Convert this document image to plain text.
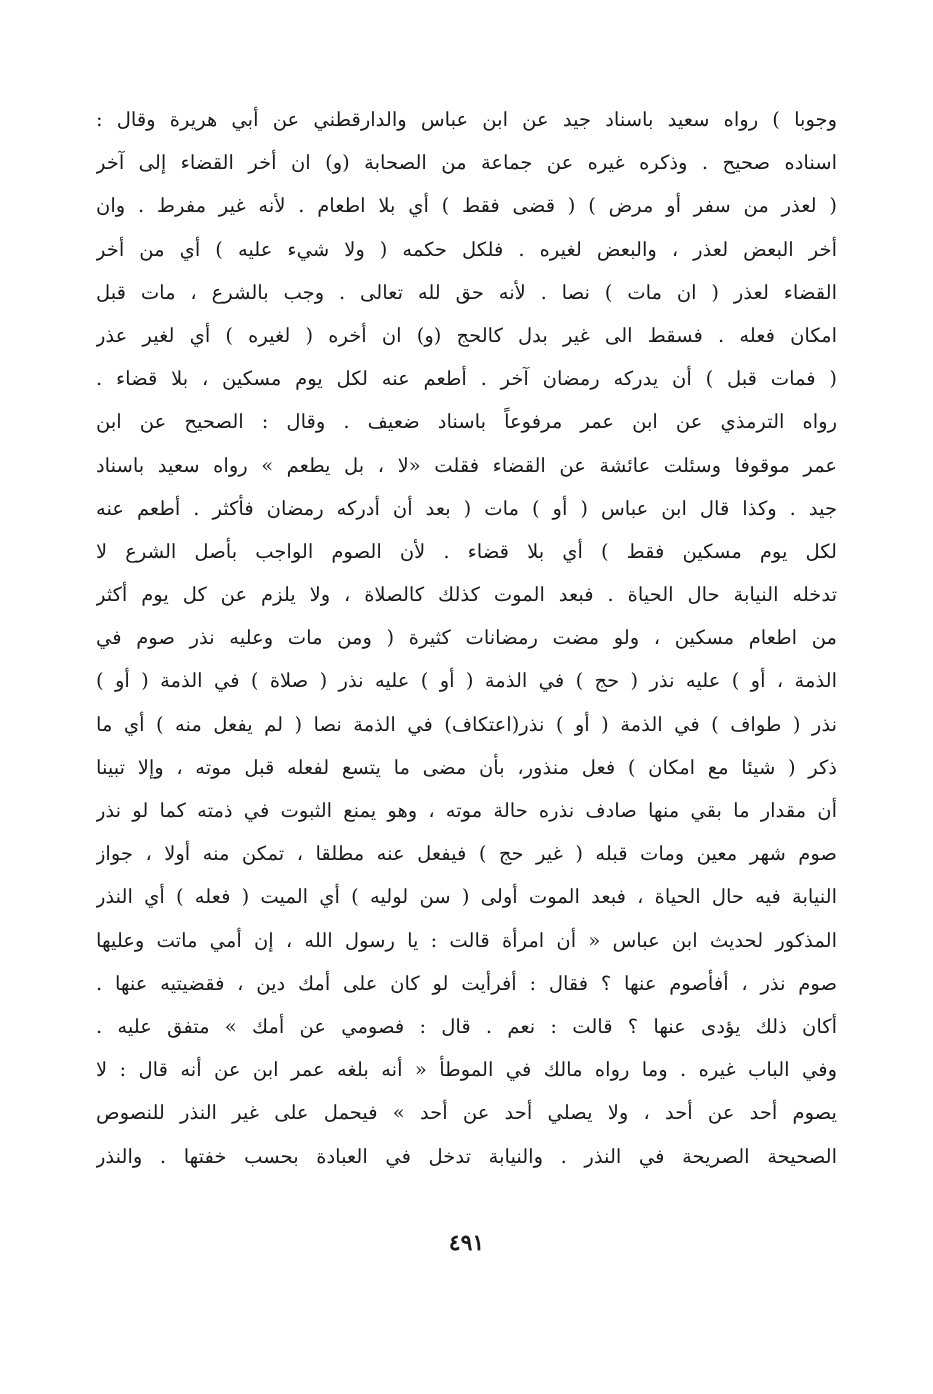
وجوبا ) رواه سعيد باسناد جيد عن ابن عباس والدارقطني عن أبي هريرة وقال :
اسناده صحيح . وذكره غيره عن جماعة من الصحابة (و) ان أخر القضاء إلى آخر
( لعذر من سفر أو مرض ) ( قضى فقط ) أي بلا اطعام . لأنه غير مفرط . وان
أخر البعض لعذر ، والبعض لغيره . فلكل حكمه ( ولا شيء عليه ) أي من أخر
القضاء لعذر ( ان مات ) نصا . لأنه حق لله تعالى . وجب بالشرع ، مات قبل
امكان فعله . فسقط الى غير بدل كالحج (و) ان أخره ( لغيره ) أي لغير عذر
( فمات قبل ) أن يدركه رمضان آخر . أطعم عنه لكل يوم مسكين ، بلا قضاء .
رواه الترمذي عن ابن عمر مرفوعاً باسناد ضعيف . وقال : الصحيح عن ابن
عمر موقوفا وسئلت عائشة عن القضاء فقلت «لا ، بل يطعم » رواه سعيد باسناد
جيد . وكذا قال ابن عباس ( أو ) مات ( بعد أن أدركه رمضان فأكثر . أطعم عنه
لكل يوم مسكين فقط ) أي بلا قضاء . لأن الصوم الواجب بأصل الشرع لا
تدخله النيابة حال الحياة . فبعد الموت كذلك كالصلاة ، ولا يلزم عن كل يوم أكثر
من اطعام مسكين ، ولو مضت رمضانات كثيرة ( ومن مات وعليه نذر صوم في
الذمة ، أو ) عليه نذر ( حج ) في الذمة ( أو ) عليه نذر ( صلاة ) في الذمة ( أو )
نذر ( طواف ) في الذمة ( أو ) نذر(اعتكاف) في الذمة نصا ( لم يفعل منه ) أي ما
ذكر ( شيئا مع امكان ) فعل منذور، بأن مضى ما يتسع لفعله قبل موته ، وإلا تبينا
أن مقدار ما بقي منها صادف نذره حالة موته ، وهو يمنع الثبوت في ذمته كما لو نذر
صوم شهر معين ومات قبله ( غير حج ) فيفعل عنه مطلقا ، تمكن منه أولا ، جواز
النيابة فيه حال الحياة ، فبعد الموت أولى ( سن لوليه ) أي الميت ( فعله ) أي النذر
المذكور لحديث ابن عباس « أن امرأة قالت : يا رسول الله ، إن أمي ماتت وعليها
صوم نذر ، أفأصوم عنها ؟ فقال : أفرأيت لو كان على أمك دين ، فقضيتيه عنها .
أكان ذلك يؤدى عنها ؟ قالت : نعم . قال : فصومي عن أمك » متفق عليه .
وفي الباب غيره . وما رواه مالك في الموطأ « أنه بلغه عمر ابن عن أنه قال : لا
يصوم أحد عن أحد ، ولا يصلي أحد عن أحد » فيحمل على غير النذر للنصوص
الصحيحة الصريحة في النذر . والنيابة تدخل في العبادة بحسب خفتها . والنذر
٤٩١
